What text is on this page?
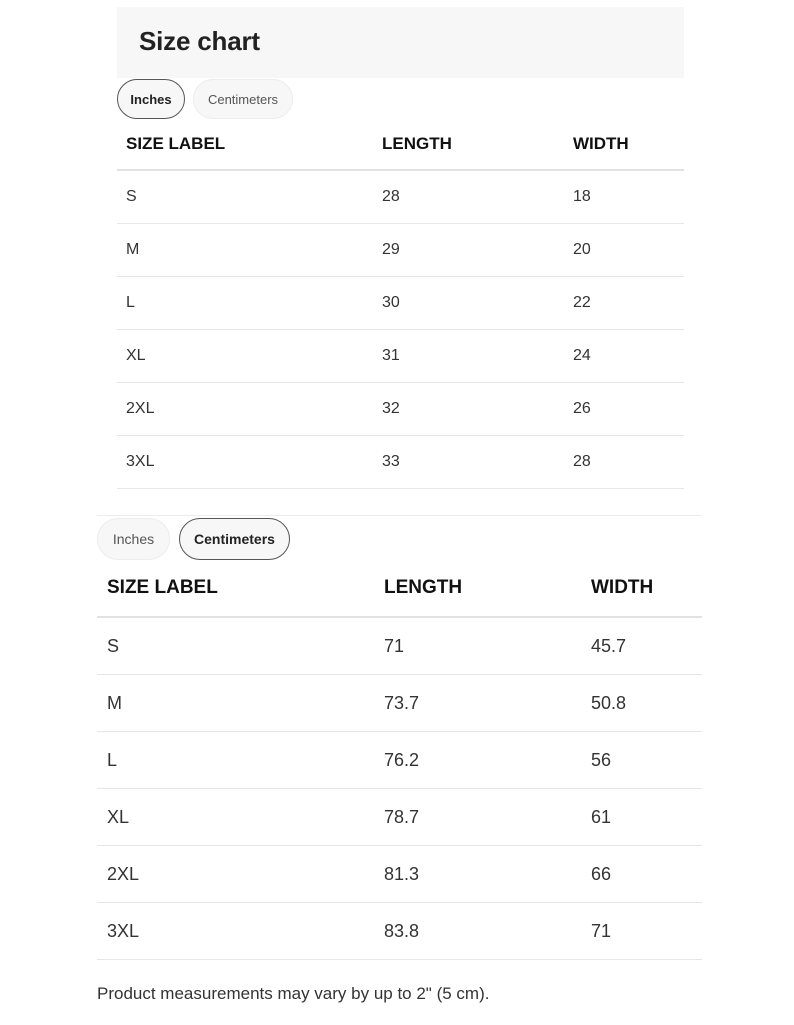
Size chart
Inches	Centimeters
SIZE LABEL	LENGTH	WIDTH
S	28	18
M	29	20
L	30	22
XL	31	24
2XL	32	26
3XL	33	28
Inches	Centimeters
SIZE LABEL	LENGTH	WIDTH
S	71	45.7
M	73.7	50.8
L	76.2	56
XL	78.7	61
2XL	81.3	66
3XL	83.8	71
Product measurements may vary by up to 2" (5 cm).
